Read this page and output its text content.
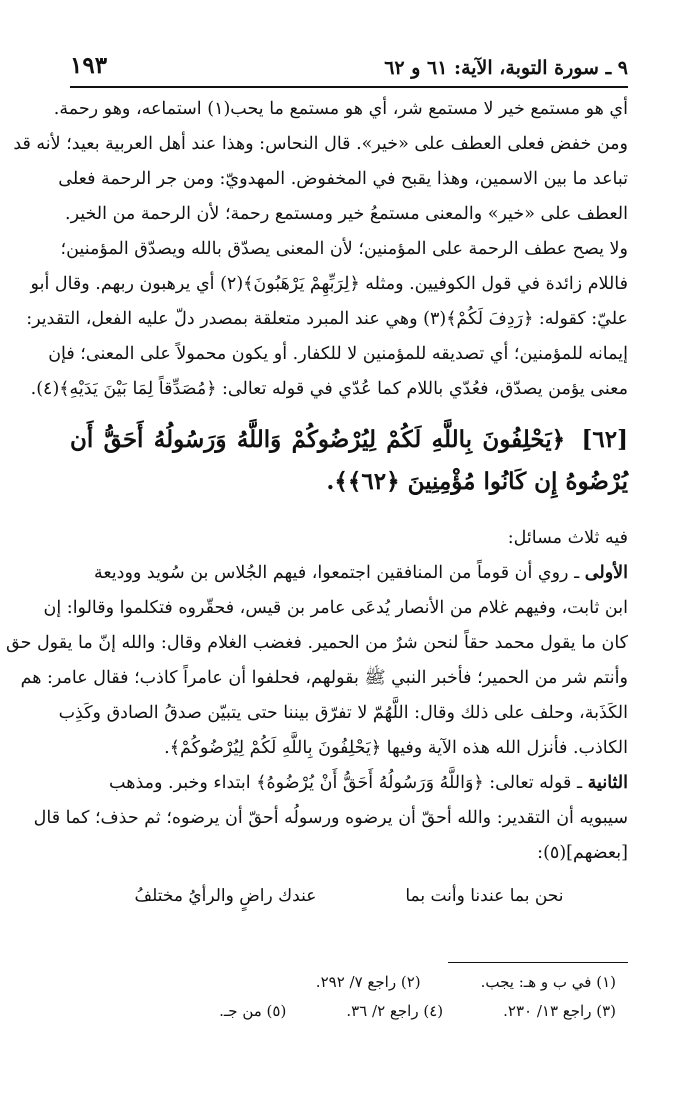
٩ ـ سورة التوبة، الآية: ٦١ و ٦٢
١٩٣
أي هو مستمع خير لا مستمع شر، أي هو مستمع ما يحب(١) استماعه، وهو رحمة.
ومن خفض فعلى العطف على «خير». قال النحاس: وهذا عند أهل العربية بعيد؛ لأنه قد
تباعد ما بين الاسمين، وهذا يقبح في المخفوض. المهدويّ: ومن جر الرحمة فعلى
العطف على «خير» والمعنى مستمعُ خير ومستمع رحمة؛ لأن الرحمة من الخير.
ولا يصح عطف الرحمة على المؤمنين؛ لأن المعنى يصدّق بالله ويصدّق المؤمنين؛
فاللام زائدة في قول الكوفيين. ومثله ﴿لِرَبِّهِمْ يَرْهَبُونَ﴾(٢) أي يرهبون ربهم. وقال أبو
عليّ: كقوله: ﴿رَدِفَ لَكُمْ﴾(٣) وهي عند المبرد متعلقة بمصدر دلّ عليه الفعل، التقدير:
إيمانه للمؤمنين؛ أي تصديقه للمؤمنين لا للكفار. أو يكون محمولاً على المعنى؛ فإن
معنى يؤمن يصدّق، فعُدّي باللام كما عُدّي في قوله تعالى: ﴿مُصَدِّقاً لِمَا بَيْنَ يَدَيْهِ﴾(٤).
[٦٢] ﴿يَحْلِفُونَ بِاللَّهِ لَكُمْ لِيُرْضُوكُمْ وَاللَّهُ وَرَسُولُهُ أَحَقُّ أَن يُرْضُوهُ إِن كَانُوا مُؤْمِنِينَ ﴿٦٢﴾﴾.
فيه ثلاث مسائل:
الأولى ـ روي أن قوماً من المنافقين اجتمعوا، فيهم الجُلاس بن سُويد ووديعة
ابن ثابت، وفيهم غلام من الأنصار يُدعَى عامر بن قيس، فحقّروه فتكلموا وقالوا: إن
كان ما يقول محمد حقاً لنحن شرٌ من الحمير. فغضب الغلام وقال: والله إنّ ما يقول حق
وأنتم شر من الحمير؛ فأخبر النبي ﷺ بقولهم، فحلفوا أن عامراً كاذب؛ فقال عامر: هم
الكَذَبة، وحلف على ذلك وقال: اللَّهُمّ لا تفرّق بيننا حتى يتبيّن صدقُ الصادق وكَذِب
الكاذب. فأنزل الله هذه الآية وفيها ﴿يَحْلِفُونَ بِاللَّهِ لَكُمْ لِيُرْضُوكُمْ﴾.
الثانية ـ قوله تعالى: ﴿وَاللَّهُ وَرَسُولُهُ أَحَقُّ أَنْ يُرْضُوهُ﴾ ابتداء وخبر. ومذهب
سيبويه أن التقدير: والله أحقّ أن يرضوه ورسولُه أحقّ أن يرضوه؛ ثم حذف؛ كما قال
[بعضهم](٥):
نحن بما عندنا وأنت بما
عندك راضٍ والرأيُ مختلفُ
(١) في ب و هـ: يجب.
(٢) راجع ٧/ ٢٩٢.
(٣) راجع ١٣/ ٢٣٠.
(٤) راجع ٢/ ٣٦.
(٥) من جـ.
